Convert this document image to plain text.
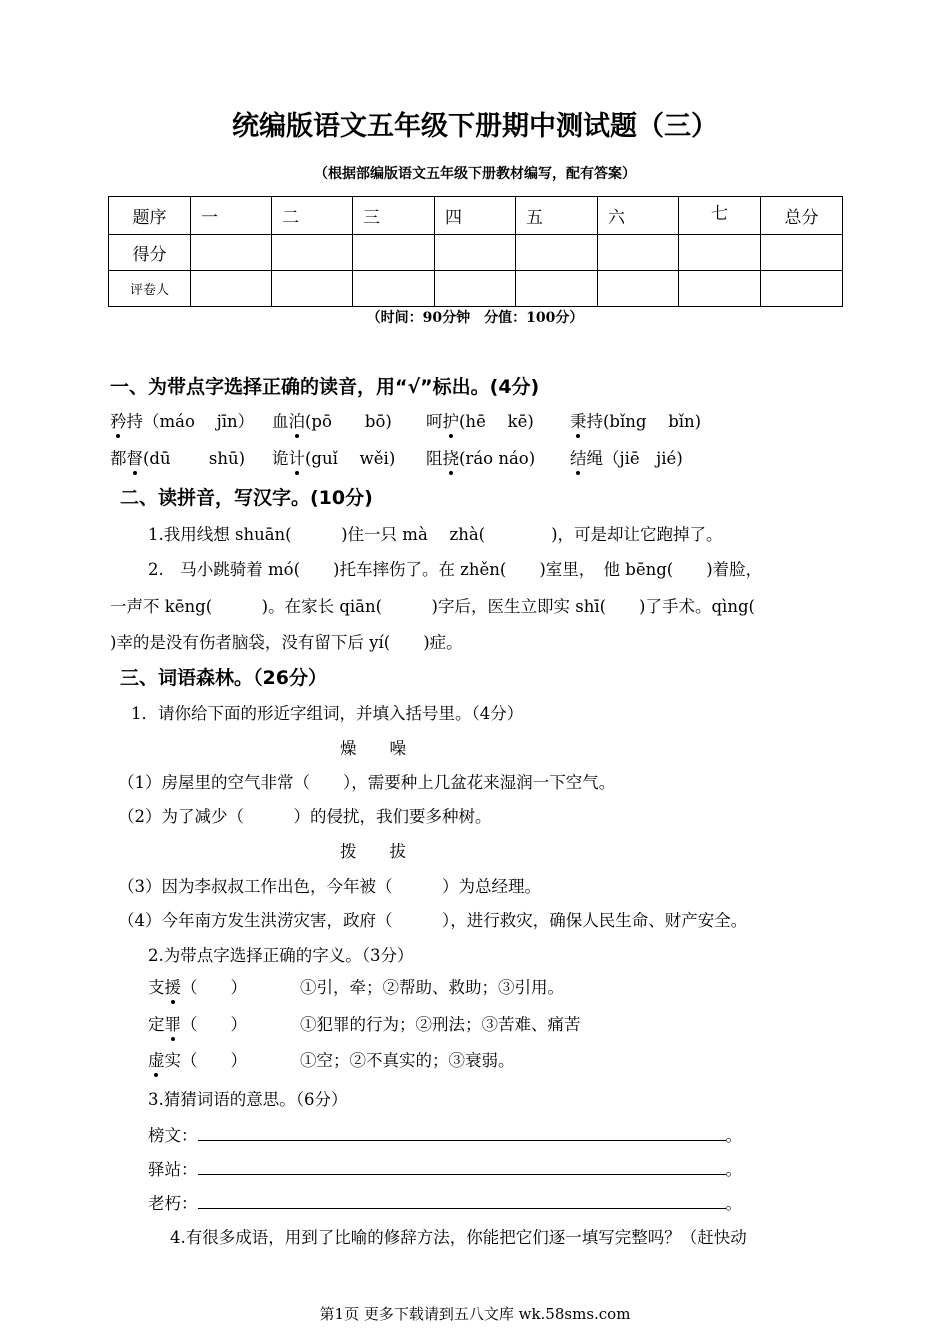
统编版语文五年级下册期中测试题（三）
（根据部编版语文五年级下册教材编写，配有答案）
题序	一	二	三	四	五	六	七	总分
得分								
评卷人								
（时间：90分钟　分值：100分）
一、为带点字选择正确的读音，用“√”标出。(4分)
矜持（máo　 jīn） 血泊(pō　　bō) 呵护(hē　 kē) 秉持(bǐng　 bǐn)
都督(dū　　 shū) 诡计(guǐ　 wěi) 阻挠(ráo náo) 结绳（jiē　jié)
二、读拼音，写汉字。(10分)
1.我用线想 shuān(　　　)住一只 mà　 zhà(　　　　)，可是却让它跑掉了。
2.　马小跳骑着 mó(　　)托车摔伤了。在 zhěn(　　)室里，　他 bēng(　　)着脸，
一声不 kēng(　　　)。在家长 qiān(　　　)字后，医生立即实 shī(　　)了手术。qìng(
)幸的是没有伤者脑袋，没有留下后 yí(　　)症。
三、词语森林。（26分）
1．请你给下面的形近字组词，并填入括号里。（4分）
燥　　噪
（1）房屋里的空气非常（　　），需要种上几盆花来湿润一下空气。
（2）为了减少（　　　）的侵扰，我们要多种树。
拨　　拔
（3）因为李叔叔工作出色，今年被（　　　）为总经理。
（4）今年南方发生洪涝灾害，政府（　　　），进行救灾，确保人民生命、财产安全。
2.为带点字选择正确的字义。（3分）
支援（　　）	①引，牵；②帮助、救助；③引用。
定罪（　　）	①犯罪的行为；②刑法；③苦难、痛苦
虚实（　　）	①空；②不真实的；③衰弱。
3.猜猜词语的意思。（6分）
榜文：	。
驿站：	。
老朽：	。
4.有很多成语，用到了比喻的修辞方法，你能把它们逐一填写完整吗？（赶快动
第1页 更多下载请到五八文库 wk.58sms.com
